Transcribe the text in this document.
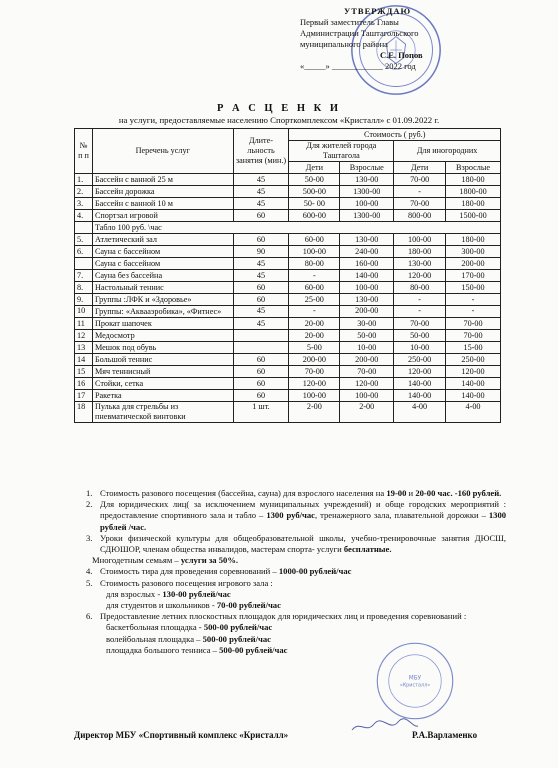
УТВЕРЖДАЮ
Первый заместитель Главы
Администрации Таштагольского
муниципального района
С.Е. Попов
«_____» ____________ 2022 год
Р А С Ц Е Н К И
на услуги, предоставляемые населению Спорткомплексом «Кристалл» с 01.09.2022 г.
№ п п	Перечень услуг	Длите- льность занятия (мин.)	Стоимость ( руб.)			
			Для жителей города Таштагола		Для иногородних	
			Дети	Взрослые	Дети	Взрослые
1.	Бассейн с ванной 25 м	45	50-00	130-00	70-00	180-00
2.	Бассейн дорожка	45	500-00	1300-00	-	1800-00
3.	Бассейн с ванной 10 м	45	50- 00	100-00	70-00	180-00
4.	Спортзал игровой	60	600-00	1300-00	800-00	1500-00
	Табло 100 руб. \час					
5.	Атлетический зал	60	60-00	130-00	100-00	180-00
6.	Сауна с бассейном	90	100-00	240-00	180-00	300-00
	Сауна с бассейном	45	80-00	160-00	130-00	200-00
7.	Сауна без бассейна	45	-	140-00	120-00	170-00
8.	Настольный теннис	60	60-00	100-00	80-00	150-00
9.	Группы :ЛФК и «Здоровье»	60	25-00	130-00	-	-
10	Группы: «Аквааэробика», «Фитнес»	45	-	200-00	-	-
11	Прокат шапочек	45	20-00	30-00	70-00	70-00
12	Медосмотр		20-00	50-00	50-00	70-00
13	Мешок под обувь		5-00	10-00	10-00	15-00
14	Большой теннис	60	200-00	200-00	250-00	250-00
15	Мяч теннисный	60	70-00	70-00	120-00	120-00
16	Стойки, сетка	60	120-00	120-00	140-00	140-00
17	Ракетка	60	100-00	100-00	140-00	140-00
18	Пулька для стрельбы из пневматической винтовки	1 шт.	2-00	2-00	4-00	4-00
1. Стоимость разового посещения (бассейна, сауна) для взрослого населения на 19-00 и 20-00 час. -160 рублей.
2. Для юридических лиц( за исключением муниципальных учреждений) и обще городских мероприятий : предоставление спортивного зала и табло – 1300 руб/час, тренажерного зала, плавательной дорожки – 1300 рублей /час.
3. Уроки физической культуры для общеобразовательной школы, учебно-тренировочные занятия ДЮСШ, СДЮШОР, членам общества инвалидов, мастерам спорта- услуги бесплатные.
Многодетным семьям – услуги за 50%.
4. Стоимость тира для проведения соревнований – 1000-00 рублей/час
5. Стоимость разового посещения игрового зала :
для взрослых - 130-00 рублей/час
для студентов и школьников - 70-00 рублей/час
6. Предоставление летних плоскостных площадок для юридических лиц и проведения соревнований :
баскетбольная площадка - 500-00 рублей/час
волейбольная площадка – 500-00 рублей/час
площадка большого тенниса – 500-00 рублей/час
МБУ
«Кристалл»
Директор МБУ «Спортивный комплекс «Кристалл»	Р.А.Варламенко
